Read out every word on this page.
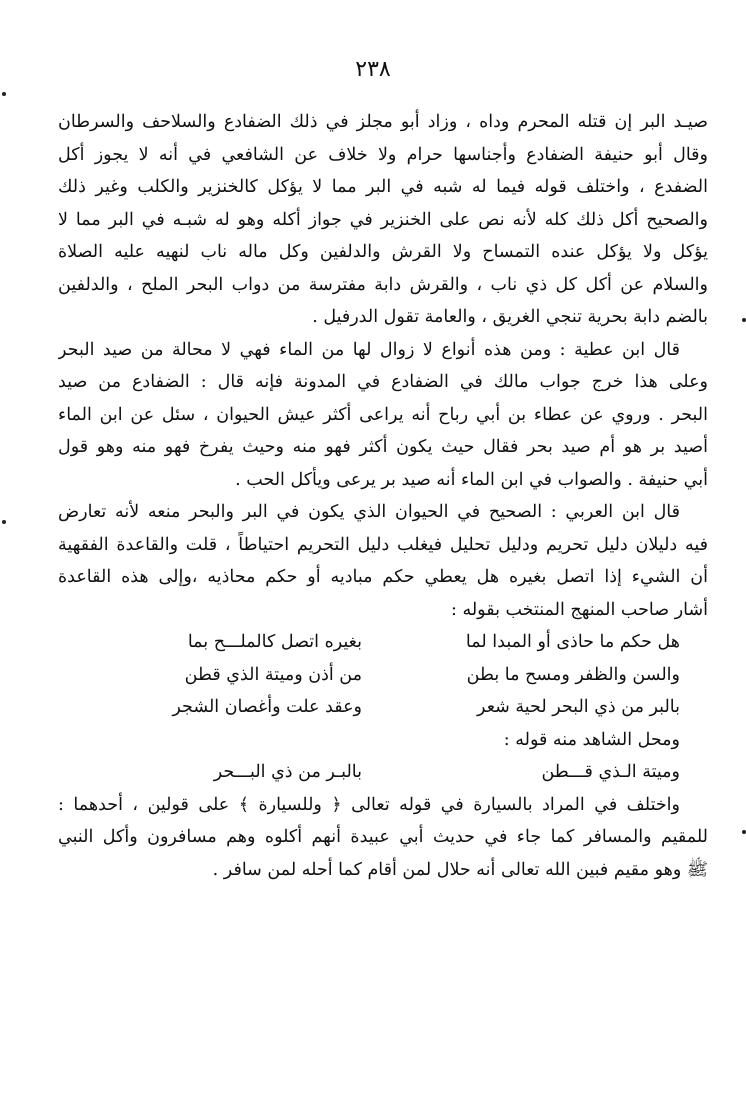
٢٣٨
صيـد البر إن قتله المحرم وداه ، وزاد أبو مجلز في ذلك الضفادع والسلاحف والسرطان
وقال أبو حنيفة الضفادع وأجناسها حرام ولا خلاف عن الشافعي في أنه لا يجوز أكل
الضفدع ، واختلف قوله فيما له شبه في البر مما لا يؤكل كالخنزير والكلب وغير ذلك
والصحيح أكل ذلك كله لأنه نص على الخنزير في جواز أكله وهو له شبـه في البر مما لا
يؤكل ولا يؤكل عنده التمساح ولا القرش والدلفين وكل ماله ناب لنهيه عليه الصلاة
والسلام عن أكل كل ذي ناب ، والقرش دابة مفترسة من دواب البحر الملح ، والدلفين
بالضم دابة بحرية تنجي الغريق ، والعامة تقول الدرفيل .
قال ابن عطية : ومن هذه أنواع لا زوال لها من الماء فهي لا محالة من صيد البحر
وعلى هذا خرج جواب مالك في الضفادع في المدونة فإنه قال : الضفادع من صيد
البحر . وروي عن عطاء بن أبي رباح أنه يراعى أكثر عيش الحيوان ، سئل عن ابن الماء
أصيد بر هو أم صيد بحر فقال حيث يكون أكثر فهو منه وحيث يفرخ فهو منه وهو قول
أبي حنيفة . والصواب في ابن الماء أنه صيد بر يرعى ويأكل الحب .
قال ابن العربي : الصحيح في الحيوان الذي يكون في البر والبحر منعه لأنه تعارض
فيه دليلان دليل تحريم ودليل تحليل فيغلب دليل التحريم احتياطاً ، قلت والقاعدة الفقهية
أن الشيء إذا اتصل بغيره هل يعطي حكم مباديه أو حكم محاذيه ،وإلى هذه القاعدة
أشار صاحب المنهج المنتخب بقوله :
هل حكم ما حاذى أو المبدا لما
بغيره اتصل كالملـــح بما
والسن والظفر ومسح ما بطن
من أذن وميتة الذي قطن
بالبر من ذي البحر لحية شعر
وعقد علت وأغصان الشجر
ومحل الشاهد منه قوله :
وميتة الـذي قـــطن
بالبـر من ذي البـــحر
واختلف في المراد بالسيارة في قوله تعالى ﴿ وللسيارة ﴾ على قولين ، أحدهما :
للمقيم والمسافر كما جاء في حديث أبي عبيدة أنهم أكلوه وهم مسافرون وأكل النبي
ﷺ وهو مقيم فبين الله تعالى أنه حلال لمن أقام كما أحله لمن سافر .
